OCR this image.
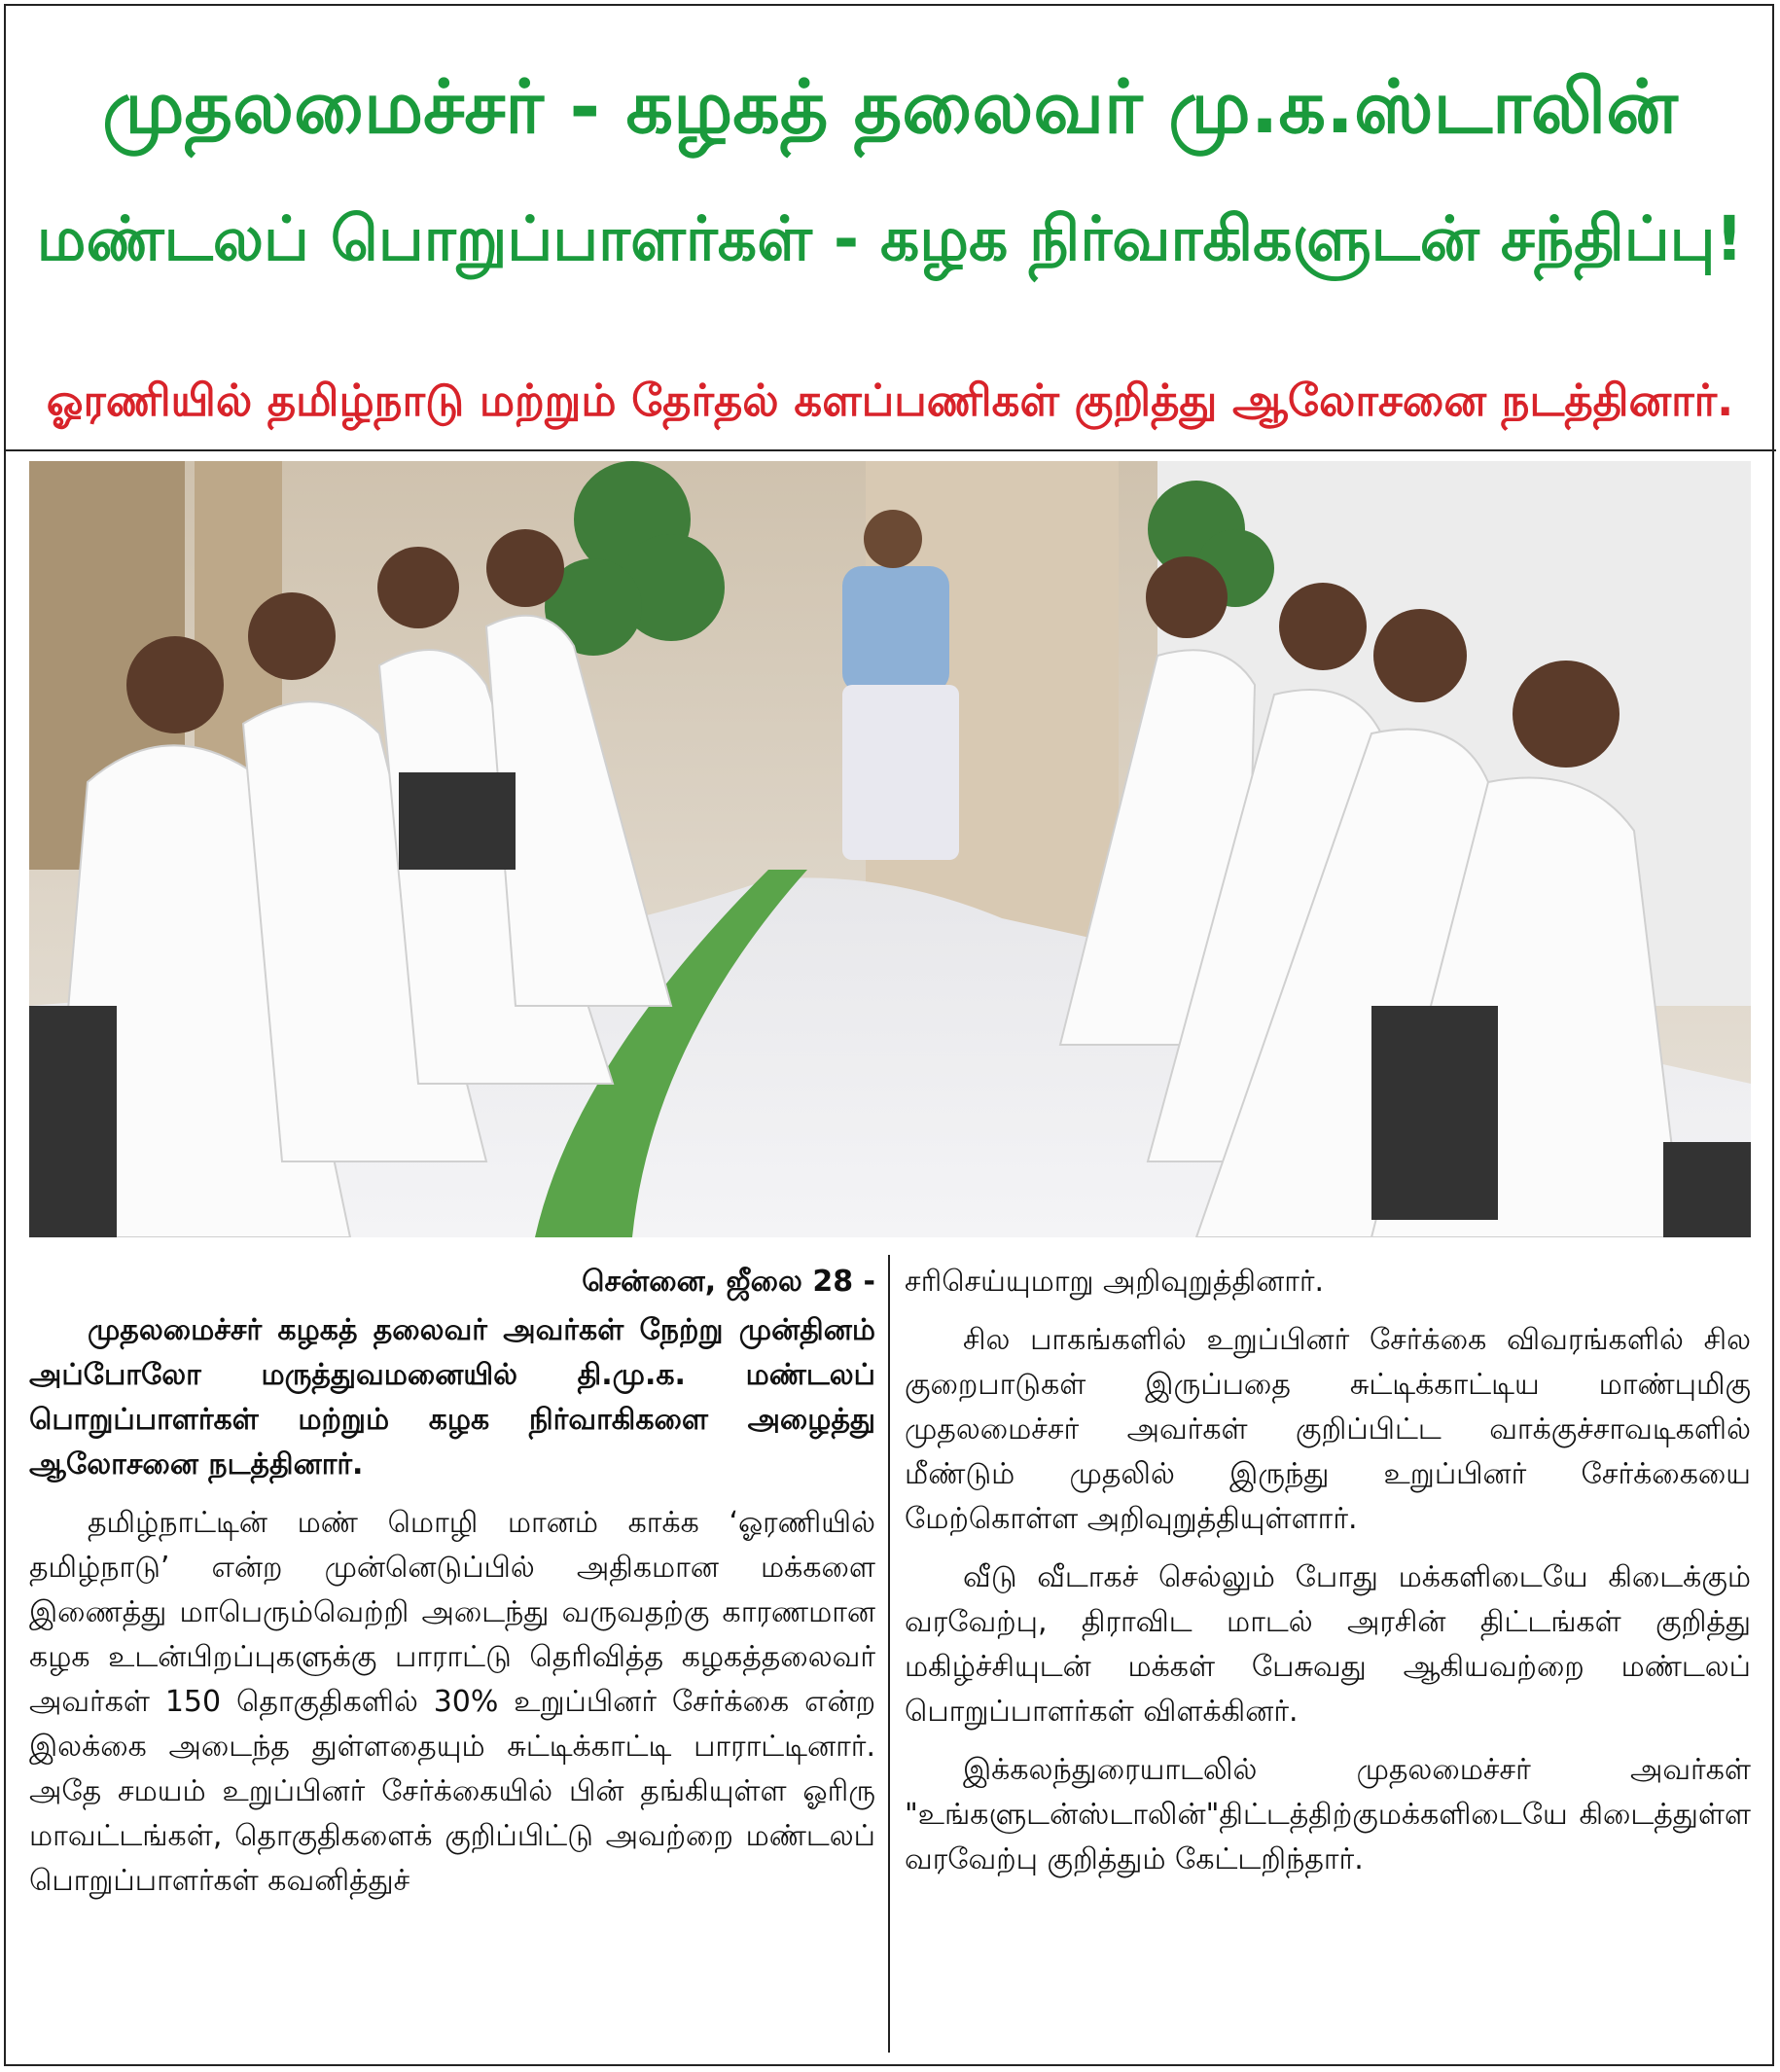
முதலமைச்சர் - கழகத் தலைவர் மு.க.ஸ்டாலின்
மண்டலப் பொறுப்பாளர்கள் - கழக நிர்வாகிகளுடன் சந்திப்பு!
ஓரணியில் தமிழ்நாடு மற்றும் தேர்தல் களப்பணிகள் குறித்து ஆலோசனை நடத்தினார்.
சென்னை, ஜீலை 28 -

முதலமைச்சர் கழகத் தலைவர் அவர்கள் நேற்று முன்தினம் அப்போலோ மருத்துவமனையில் தி.மு.க. மண்டலப் பொறுப்பாளர்கள் மற்றும் கழக நிர்வாகிகளை அழைத்து ஆலோசனை நடத்தினார்.

தமிழ்நாட்டின் மண் மொழி மானம் காக்க ‘ஓரணியில் தமிழ்நாடு’ என்ற முன்னெடுப்பில் அதிகமான மக்களை இணைத்து மாபெரும்வெற்றி அடைந்து வருவதற்கு காரணமான கழக உடன்பிறப்புகளுக்கு பாராட்டு தெரிவித்த கழகத்தலைவர் அவர்கள் 150 தொகுதிகளில் 30% உறுப்பினர் சேர்க்கை என்ற இலக்கை அடைந்த துள்ளதையும் சுட்டிக்காட்டி பாராட்டினார். அதே சமயம் உறுப்பினர் சேர்க்கையில் பின் தங்கியுள்ள ஓரிரு மாவட்டங்கள், தொகுதிகளைக் குறிப்பிட்டு அவற்றை மண்டலப் பொறுப்பாளர்கள் கவனித்துச்

சரிசெய்யுமாறு அறிவுறுத்தினார்.

சில பாகங்களில் உறுப்பினர் சேர்க்கை விவரங்களில் சில குறைபாடுகள் இருப்பதை சுட்டிக்காட்டிய மாண்புமிகு முதலமைச்சர் அவர்கள் குறிப்பிட்ட வாக்குச்சாவடிகளில் மீண்டும் முதலில் இருந்து உறுப்பினர் சேர்க்கையை மேற்கொள்ள அறிவுறுத்தியுள்ளார்.

வீடு வீடாகச் செல்லும் போது மக்களிடையே கிடைக்கும் வரவேற்பு, திராவிட மாடல் அரசின் திட்டங்கள் குறித்து மகிழ்ச்சியுடன் மக்கள் பேசுவது ஆகியவற்றை மண்டலப் பொறுப்பாளர்கள் விளக்கினர்.

இக்கலந்துரையாடலில் முதலமைச்சர் அவர்கள் "உங்களுடன்ஸ்டாலின்"திட்டத்திற்குமக்களிடையே கிடைத்துள்ள வரவேற்பு குறித்தும் கேட்டறிந்தார்.
